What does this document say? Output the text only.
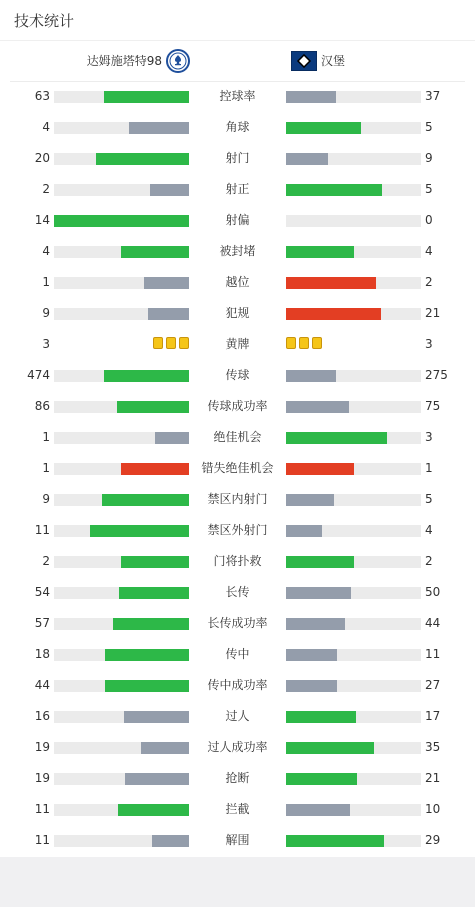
技术统计
达姆施塔特98	汉堡
63	控球率	37
4	角球	5
20	射门	9
2	射正	5
14	射偏	0
4	被封堵	4
1	越位	2
9	犯规	21
3	黄牌	3
474	传球	275
86	传球成功率	75
1	绝佳机会	3
1	错失绝佳机会	1
9	禁区内射门	5
11	禁区外射门	4
2	门将扑救	2
54	长传	50
57	长传成功率	44
18	传中	11
44	传中成功率	27
16	过人	17
19	过人成功率	35
19	抢断	21
11	拦截	10
11	解围	29
